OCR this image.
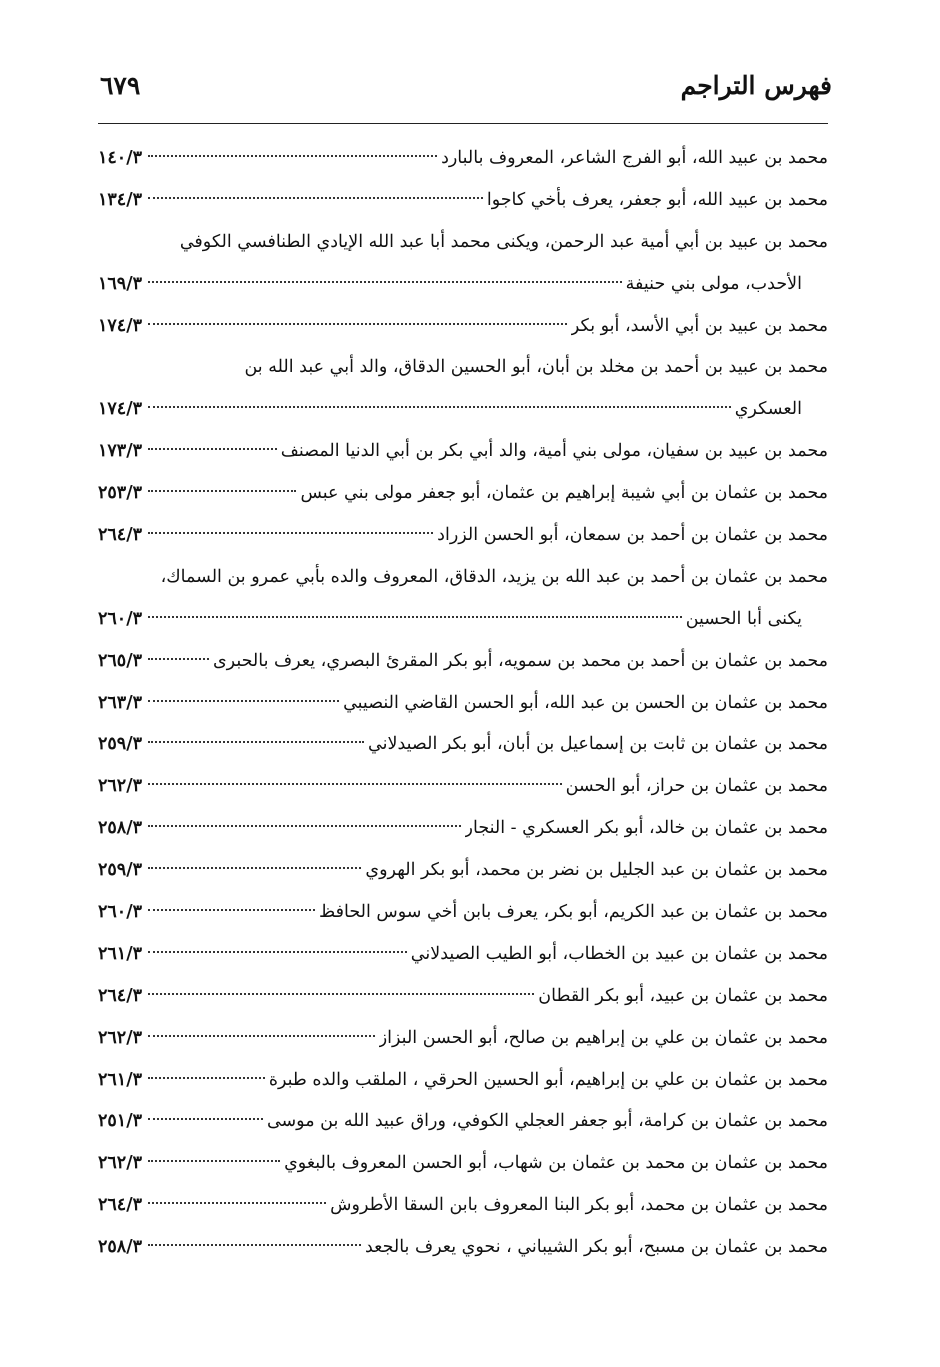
فهرس التراجم
٦٧٩
محمد بن عبيد الله، أبو الفرج الشاعر، المعروف بالبارد
١٤٠/٣
محمد بن عبيد الله، أبو جعفر، يعرف بأخي كاجوا
١٣٤/٣
محمد بن عبيد بن أبي أمية عبد الرحمن، ويكنى محمد أبا عبد الله الإيادي الطنافسي الكوفي
الأحدب، مولى بني حنيفة
١٦٩/٣
محمد بن عبيد بن أبي الأسد، أبو بكر
١٧٤/٣
محمد بن عبيد بن أحمد بن مخلد بن أبان، أبو الحسين الدقاق، والد أبي عبد الله بن
العسكري
١٧٤/٣
محمد بن عبيد بن سفيان، مولى بني أمية، والد أبي بكر بن أبي الدنيا المصنف
١٧٣/٣
محمد بن عثمان بن أبي شيبة إبراهيم بن عثمان، أبو جعفر مولى بني عبس
٢٥٣/٣
محمد بن عثمان بن أحمد بن سمعان، أبو الحسن الزراد
٢٦٤/٣
محمد بن عثمان بن أحمد بن عبد الله بن يزيد، الدقاق، المعروف والده بأبي عمرو بن السماك،
يكنى أبا الحسين
٢٦٠/٣
محمد بن عثمان بن أحمد بن محمد بن سمويه، أبو بكر المقرئ البصري، يعرف بالحبرى
٢٦٥/٣
محمد بن عثمان بن الحسن بن عبد الله، أبو الحسن القاضي النصيبي
٢٦٣/٣
محمد بن عثمان بن ثابت بن إسماعيل بن أبان، أبو بكر الصيدلاني
٢٥٩/٣
محمد بن عثمان بن حراز، أبو الحسن
٢٦٢/٣
محمد بن عثمان بن خالد، أبو بكر العسكري - النجار
٢٥٨/٣
محمد بن عثمان بن عبد الجليل بن نضر بن محمد، أبو بكر الهروي
٢٥٩/٣
محمد بن عثمان بن عبد الكريم، أبو بكر، يعرف بابن أخي سوس الحافظ
٢٦٠/٣
محمد بن عثمان بن عبيد بن الخطاب، أبو الطيب الصيدلاني
٢٦١/٣
محمد بن عثمان بن عبيد، أبو بكر القطان
٢٦٤/٣
محمد بن عثمان بن علي بن إبراهيم بن صالح، أبو الحسن البزاز
٢٦٢/٣
محمد بن عثمان بن علي بن إبراهيم، أبو الحسين الحرقي ، الملقب والده طبرة
٢٦١/٣
محمد بن عثمان بن كرامة، أبو جعفر العجلي الكوفي، وراق عبيد الله بن موسى
٢٥١/٣
محمد بن عثمان بن محمد بن عثمان بن شهاب، أبو الحسن المعروف بالبغوي
٢٦٢/٣
محمد بن عثمان بن محمد، أبو بكر البنا المعروف بابن السقا الأطروش
٢٦٤/٣
محمد بن عثمان بن مسبح، أبو بكر الشيباني ، نحوي يعرف بالجعد
٢٥٨/٣
